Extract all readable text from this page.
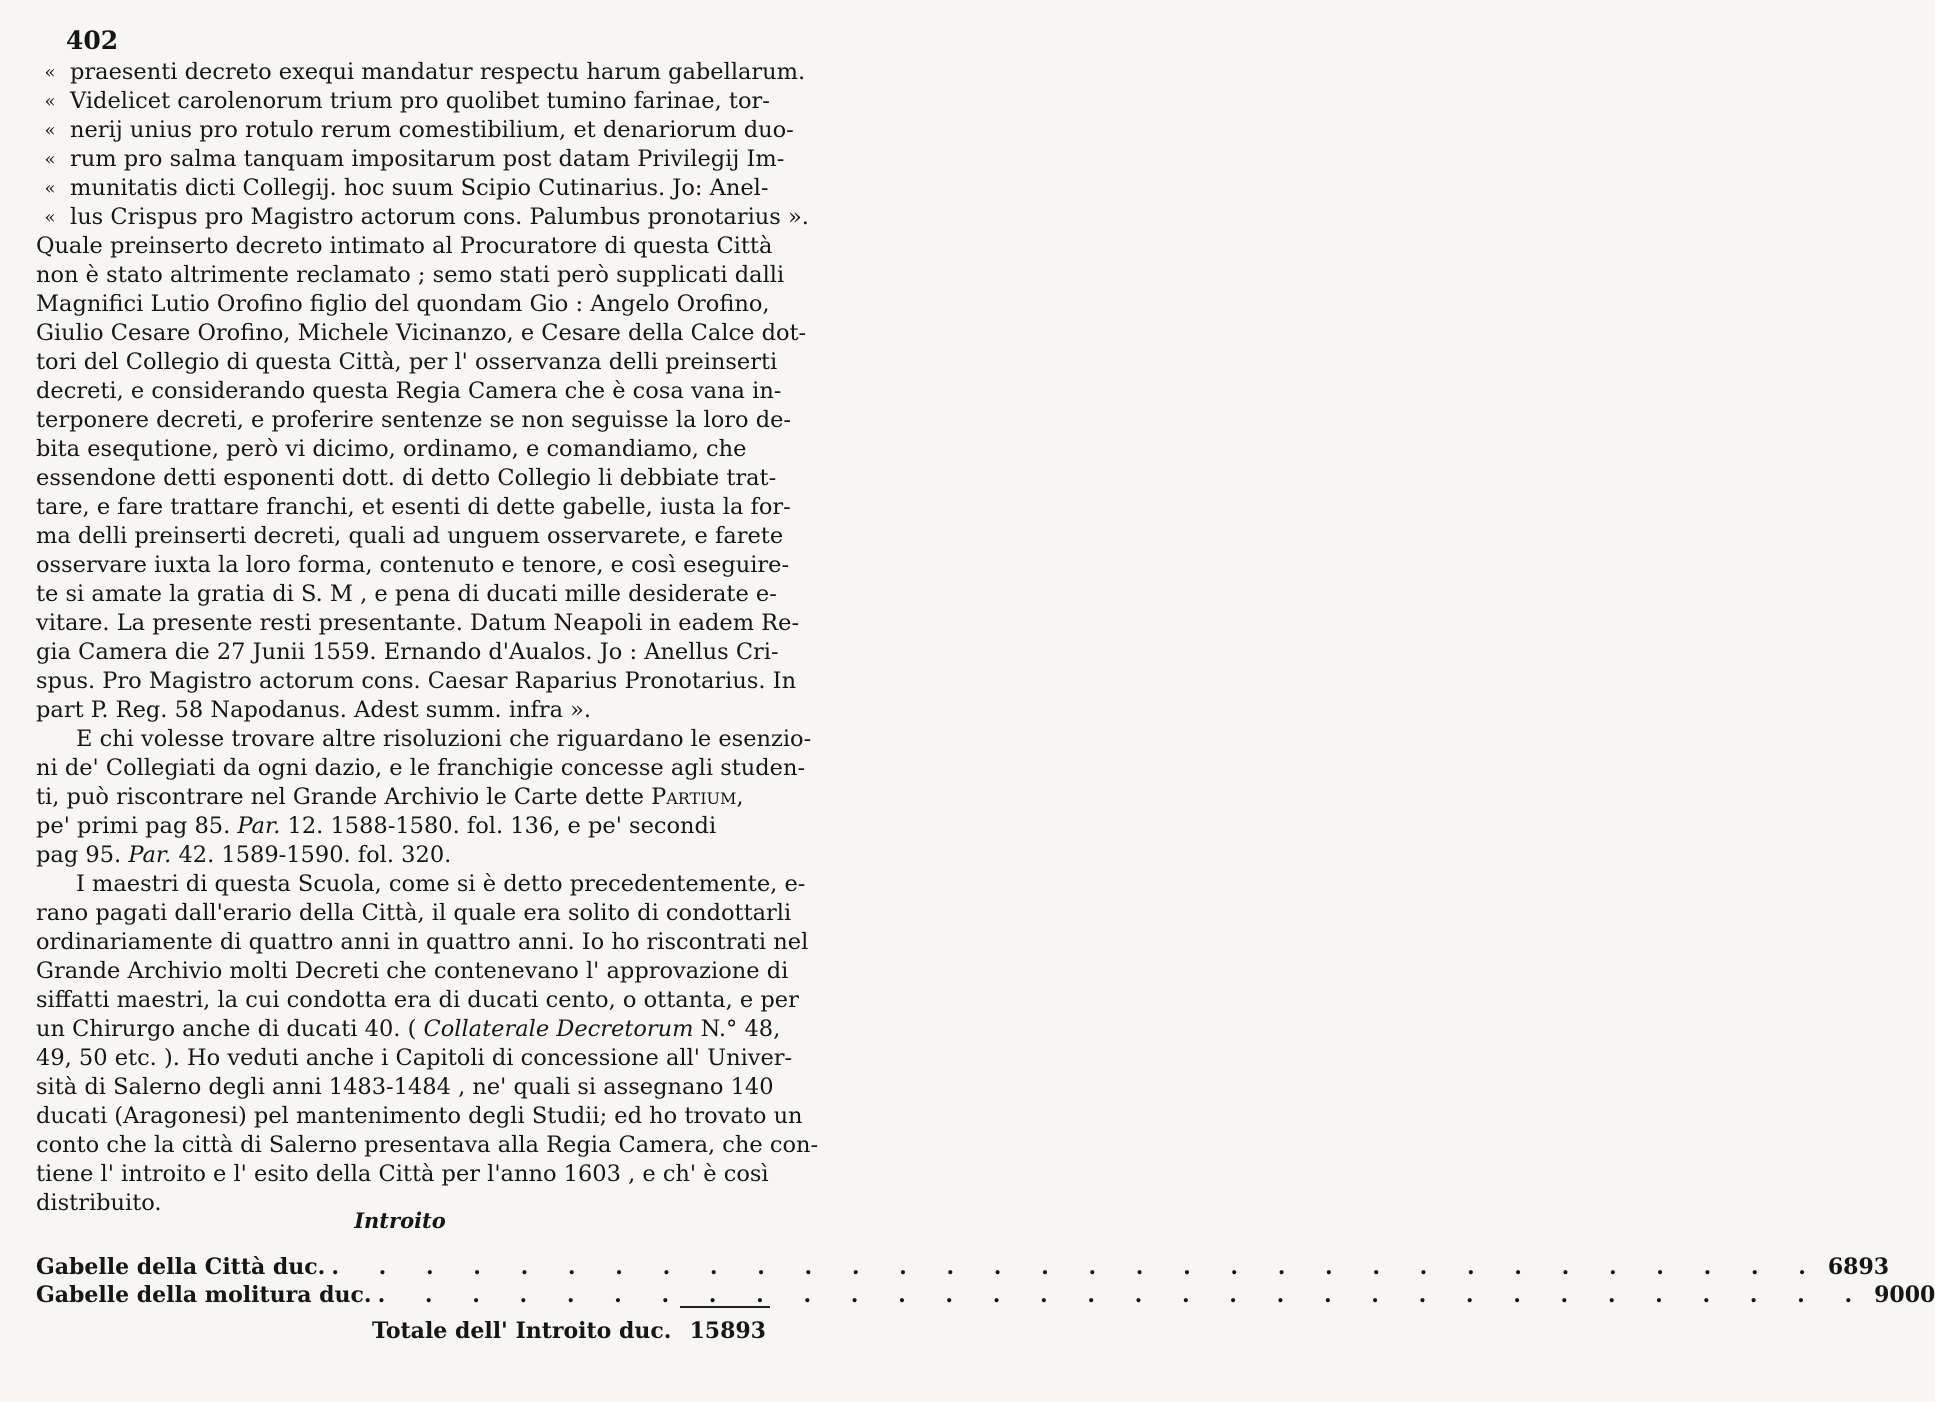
402
« praesenti decreto exequi mandatur respectu harum gabellarum.
« Videlicet carolenorum trium pro quolibet tumino farinae, tor-
« nerij unius pro rotulo rerum comestibilium, et denariorum duo-
« rum pro salma tanquam impositarum post datam Privilegij Im-
« munitatis dicti Collegij. hoc suum Scipio Cutinarius. Jo: Anel-
« lus Crispus pro Magistro actorum cons. Palumbus pronotarius ».
Quale preinserto decreto intimato al Procuratore di questa Città
non è stato altrimente reclamato ; semo stati però supplicati dalli
Magnifici Lutio Orofino figlio del quondam Gio : Angelo Orofino,
Giulio Cesare Orofino, Michele Vicinanzo, e Cesare della Calce dot-
tori del Collegio di questa Città, per l' osservanza delli preinserti
decreti, e considerando questa Regia Camera che è cosa vana in-
terponere decreti, e proferire sentenze se non seguisse la loro de-
bita esequtione, però vi dicimo, ordinamo, e comandiamo, che
essendone detti esponenti dott. di detto Collegio li debbiate trat-
tare, e fare trattare franchi, et esenti di dette gabelle, iusta la for-
ma delli preinserti decreti, quali ad unguem osservarete, e farete
osservare iuxta la loro forma, contenuto e tenore, e così eseguire-
te si amate la gratia di S. M , e pena di ducati mille desiderate e-
vitare. La presente resti presentante. Datum Neapoli in eadem Re-
gia Camera die 27 Junii 1559. Ernando d'Aualos. Jo : Anellus Cri-
spus. Pro Magistro actorum cons. Caesar Raparius Pronotarius. In
part P. Reg. 58 Napodanus. Adest summ. infra ».
E chi volesse trovare altre risoluzioni che riguardano le esenzio-
ni de' Collegiati da ogni dazio, e le franchigie concesse agli studen-
ti, può riscontrare nel Grande Archivio le Carte dette Partium,
pe' primi pag 85. Par. 12. 1588-1580. fol. 136, e pe' secondi
pag 95. Par. 42. 1589-1590. fol. 320.
I maestri di questa Scuola, come si è detto precedentemente, e-
rano pagati dall'erario della Città, il quale era solito di condottarli
ordinariamente di quattro anni in quattro anni. Io ho riscontrati nel
Grande Archivio molti Decreti che contenevano l' approvazione di
siffatti maestri, la cui condotta era di ducati cento, o ottanta, e per
un Chirurgo anche di ducati 40. ( Collaterale Decretorum N.° 48,
49, 50 etc. ). Ho veduti anche i Capitoli di concessione all' Univer-
sità di Salerno degli anni 1483-1484 , ne' quali si assegnano 140
ducati (Aragonesi) pel mantenimento degli Studii; ed ho trovato un
conto che la città di Salerno presentava alla Regia Camera, che con-
tiene l' introito e l' esito della Città per l'anno 1603 , e ch' è così
distribuito.
Introito
Gabelle della Città duc. . . . . . . . . . . . . . . . . . . . . . . . . . . . . . . . . 6893
Gabelle della molitura duc. . . . . . . . . . . . . . . . . . . . . . . . . . . . . . . . . 9000
Totale dell' Introito duc. 15893
